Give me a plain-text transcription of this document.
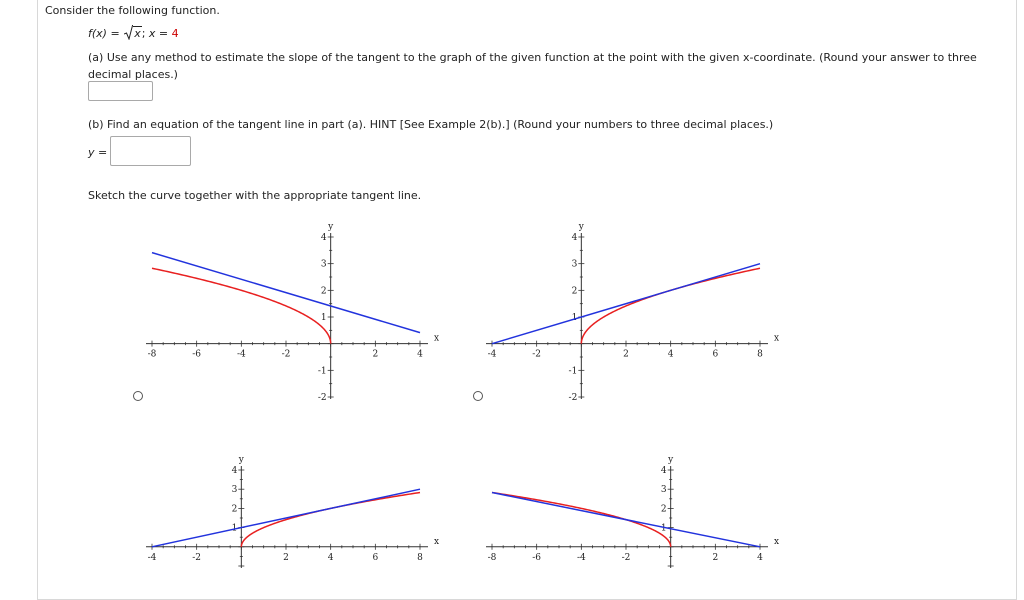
Consider the following function.
f(x) =
x; x = 4
(a) Use any method to estimate the slope of the tangent to the graph of the given function at the point with the given x-coordinate. (Round your answer to three
decimal places.)
(b) Find an equation of the tangent line in part (a). HINT [See Example 2(b).] (Round your numbers to three decimal places.)
y =
Sketch the curve together with the appropriate tangent line.
-8	-6	-4	-2	2	4
-1
-2
1
2
3
4
x
y
-4	-2	2	4	6	8
-1
-2
1
2
3
4
x
y
-4	-2	2	4	6	8
1
2
3
4
x
y
-8	-6	-4	-2	2	4
1
2
3
4
x
y
